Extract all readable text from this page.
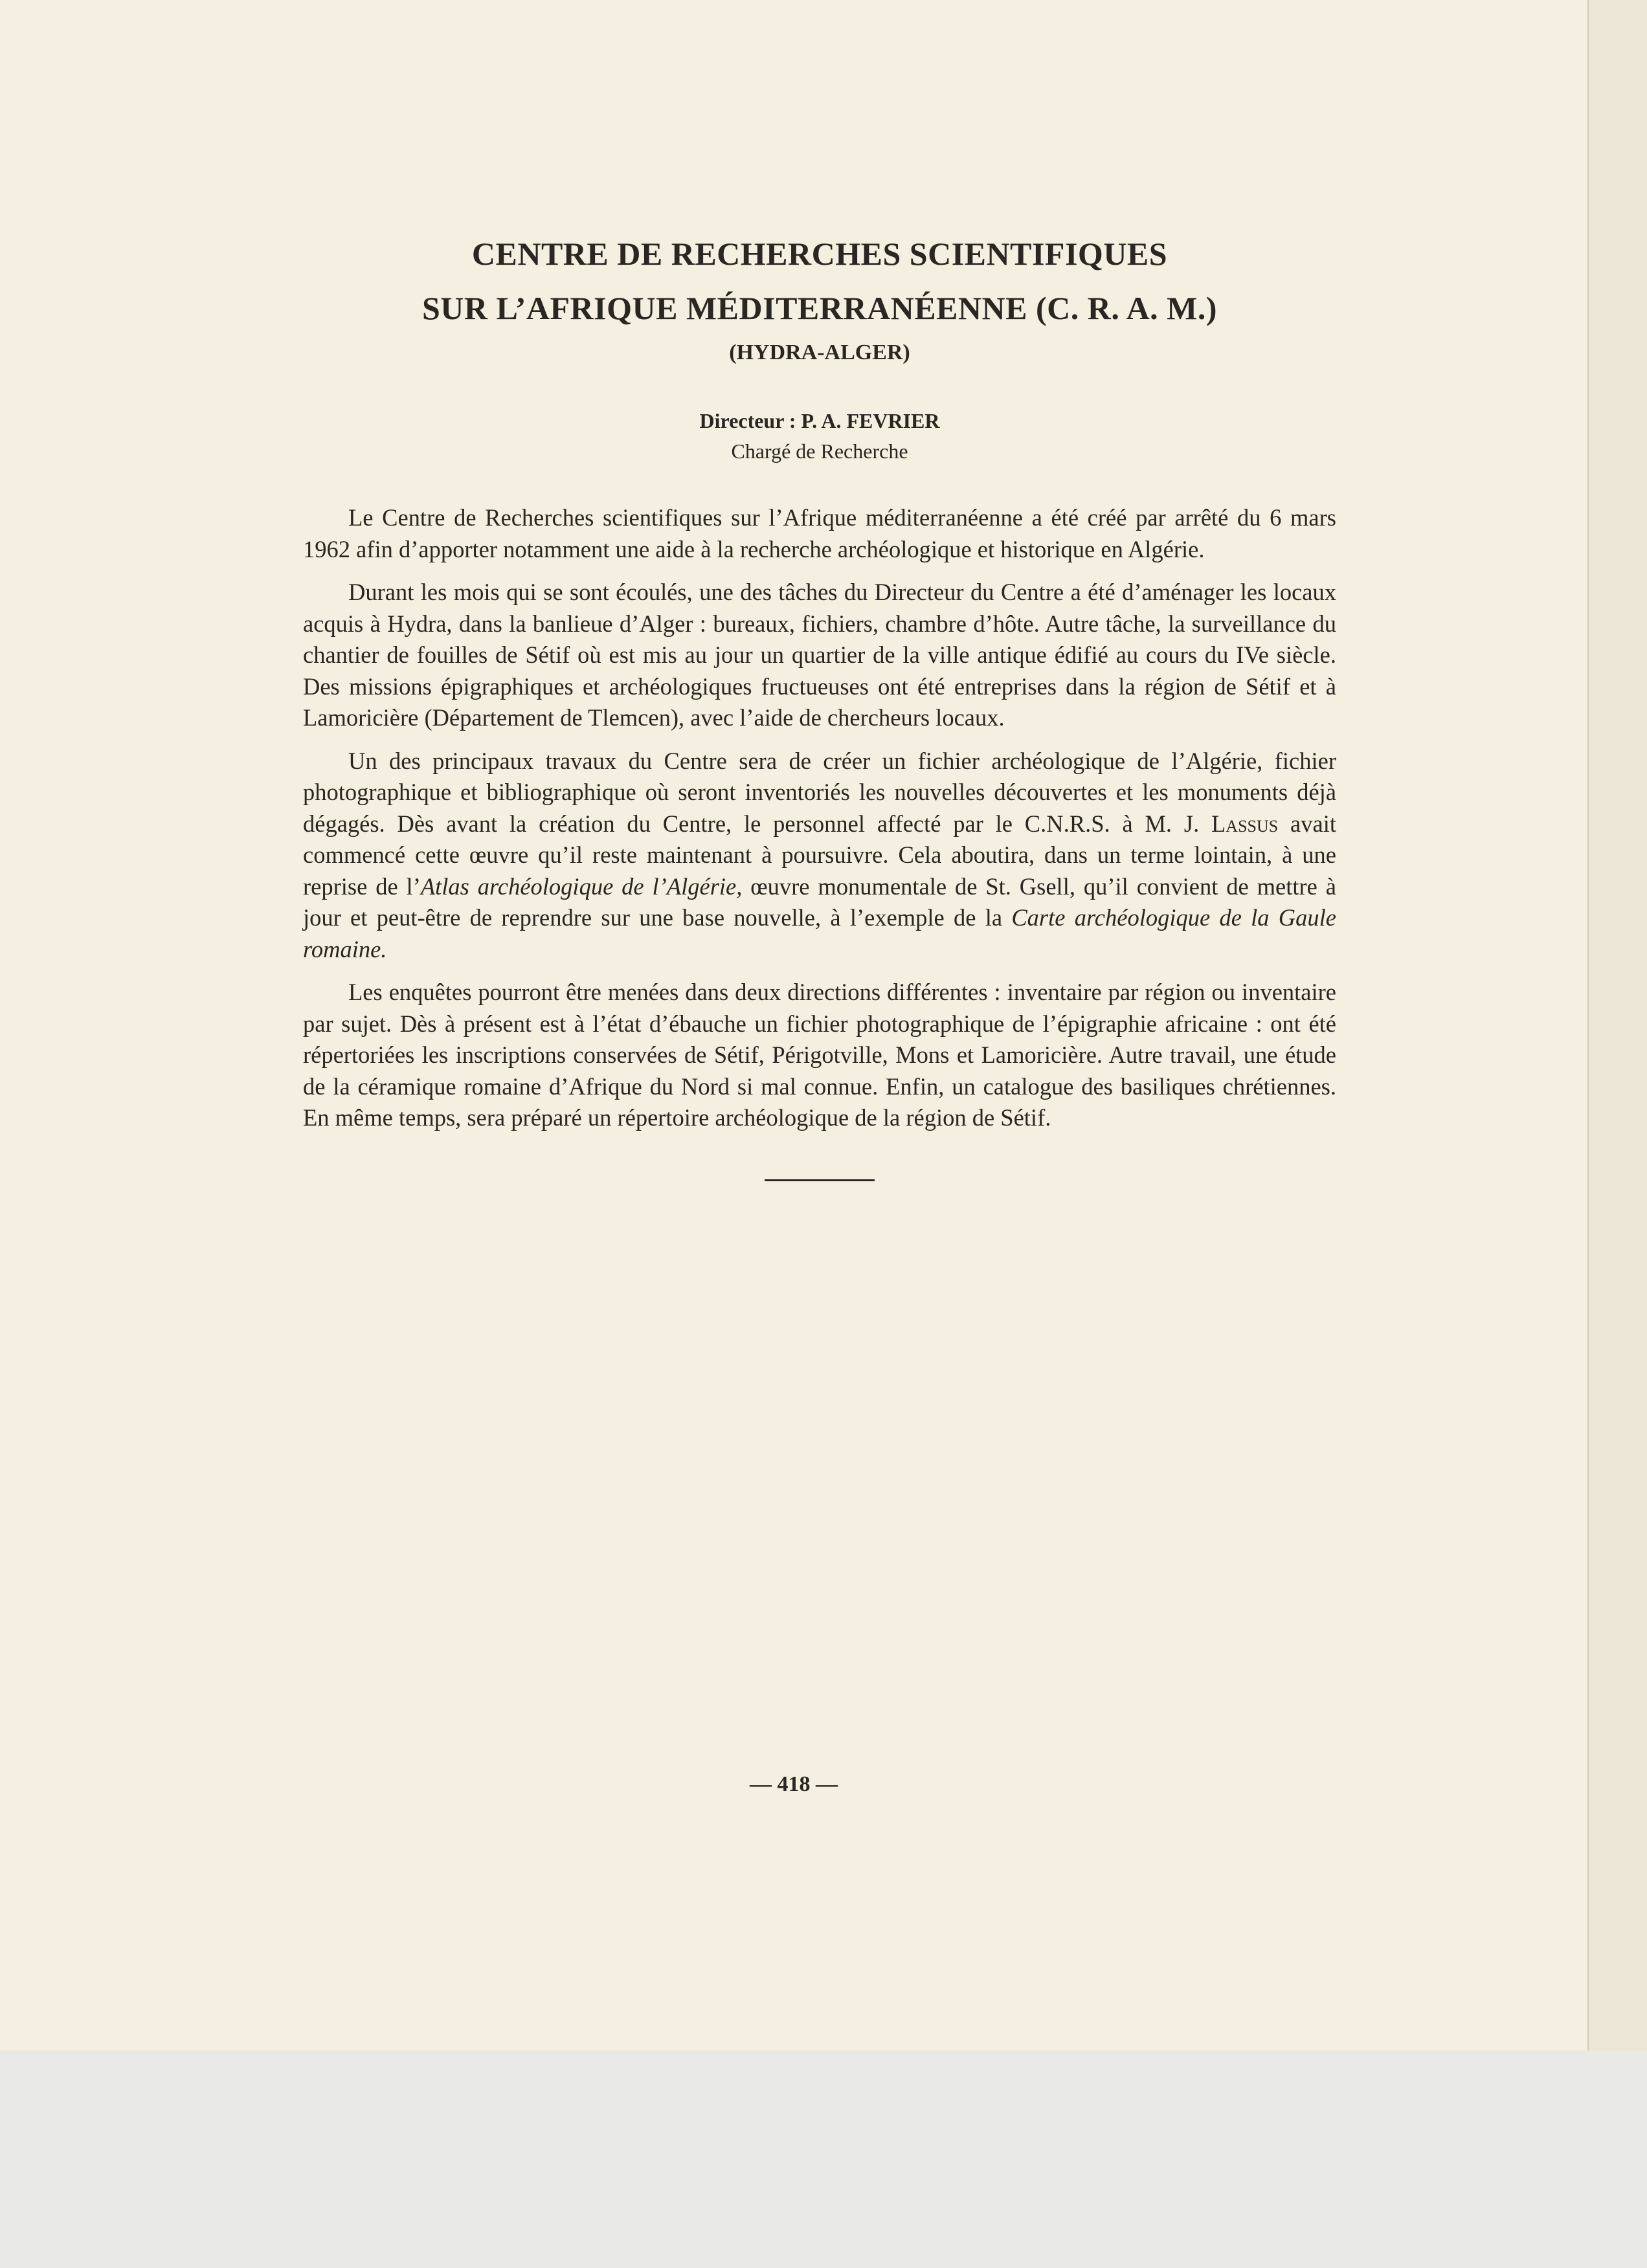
CENTRE DE RECHERCHES SCIENTIFIQUES
SUR L’AFRIQUE MÉDITERRANÉENNE (C. R. A. M.)
(HYDRA-ALGER)
Directeur : P. A. FEVRIER
Chargé de Recherche

Le Centre de Recherches scientifiques sur l’Afrique méditerranéenne a été créé par arrêté du 6 mars 1962 afin d’apporter notamment une aide à la recherche archéologique et historique en Algérie.

Durant les mois qui se sont écoulés, une des tâches du Directeur du Centre a été d’aménager les locaux acquis à Hydra, dans la banlieue d’Alger : bureaux, fichiers, chambre d’hôte. Autre tâche, la surveillance du chantier de fouilles de Sétif où est mis au jour un quartier de la ville antique édifié au cours du IVe siècle. Des missions épigraphiques et archéologiques fructueuses ont été entreprises dans la région de Sétif et à Lamoricière (Département de Tlemcen), avec l’aide de chercheurs locaux.

Un des principaux travaux du Centre sera de créer un fichier archéologique de l’Algérie, fichier photographique et bibliographique où seront inventoriés les nouvelles découvertes et les monuments déjà dégagés. Dès avant la création du Centre, le personnel affecté par le C.N.R.S. à M. J. Lassus avait commencé cette œuvre qu’il reste maintenant à poursuivre. Cela aboutira, dans un terme lointain, à une reprise de l’Atlas archéologique de l’Algérie, œuvre monumentale de St. Gsell, qu’il convient de mettre à jour et peut-être de reprendre sur une base nouvelle, à l’exemple de la Carte archéologique de la Gaule romaine.

Les enquêtes pourront être menées dans deux directions différentes : inventaire par région ou inventaire par sujet. Dès à présent est à l’état d’ébauche un fichier photographique de l’épigraphie africaine : ont été répertoriées les inscriptions conservées de Sétif, Périgotville, Mons et Lamoricière. Autre travail, une étude de la céramique romaine d’Afrique du Nord si mal connue. Enfin, un catalogue des basiliques chrétiennes. En même temps, sera préparé un répertoire archéologique de la région de Sétif.

— 418 —
